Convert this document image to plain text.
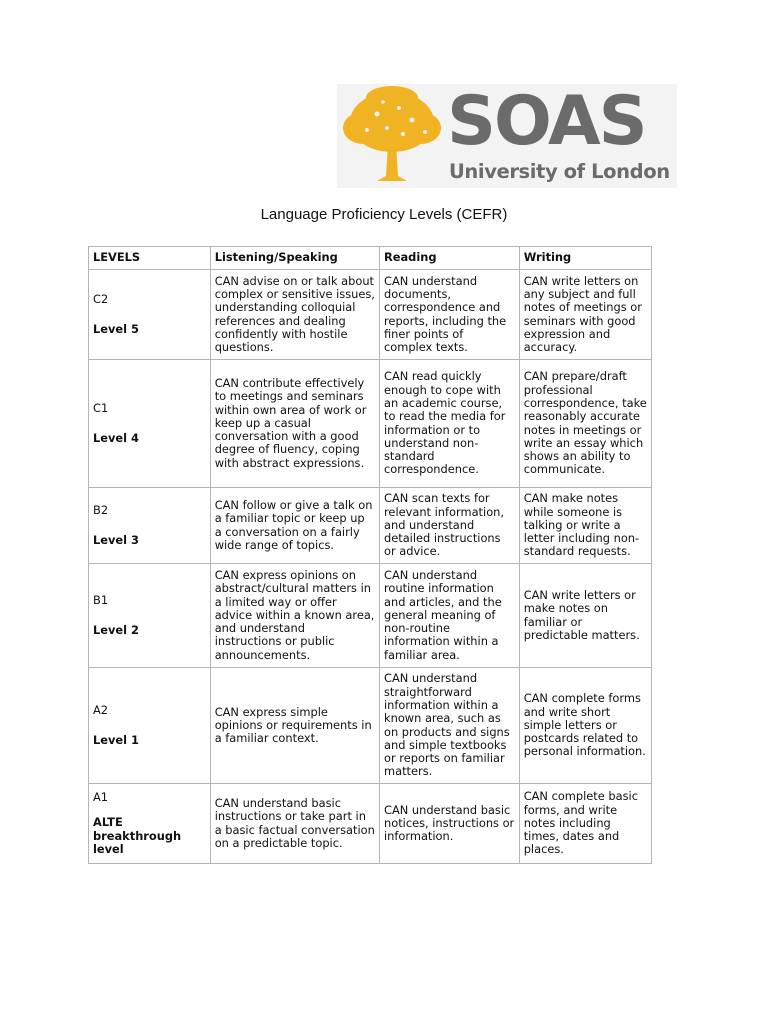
SOAS
University of London
Language Proficiency Levels (CEFR)
LEVELS	Listening/Speaking	Reading	Writing

C2
Level 5	CAN advise on or talk about complex or sensitive issues, understanding colloquial references and dealing confidently with hostile questions.	CAN understand documents, correspondence and reports, including the finer points of complex texts.	CAN write letters on any subject and full notes of meetings or seminars with good expression and accuracy.

C1
Level 4	CAN contribute effectively to meetings and seminars within own area of work or keep up a casual conversation with a good degree of fluency, coping with abstract expressions.	CAN read quickly enough to cope with an academic course, to read the media for information or to understand non-standard correspondence.	CAN prepare/draft professional correspondence, take reasonably accurate notes in meetings or write an essay which shows an ability to communicate.

B2
Level 3	CAN follow or give a talk on a familiar topic or keep up a conversation on a fairly wide range of topics.	CAN scan texts for relevant information, and understand detailed instructions or advice.	CAN make notes while someone is talking or write a letter including non-standard requests.

B1
Level 2	CAN express opinions on abstract/cultural matters in a limited way or offer advice within a known area, and understand instructions or public announcements.	CAN understand routine information and articles, and the general meaning of non-routine information within a familiar area.	CAN write letters or make notes on familiar or predictable matters.

A2
Level 1	CAN express simple opinions or requirements in a familiar context.	CAN understand straightforward information within a known area, such as on products and signs and simple textbooks or reports on familiar matters.	CAN complete forms and write short simple letters or postcards related to personal information.

A1
ALTE breakthrough level	CAN understand basic instructions or take part in a basic factual conversation on a predictable topic.	CAN understand basic notices, instructions or information.	CAN complete basic forms, and write notes including times, dates and places.
